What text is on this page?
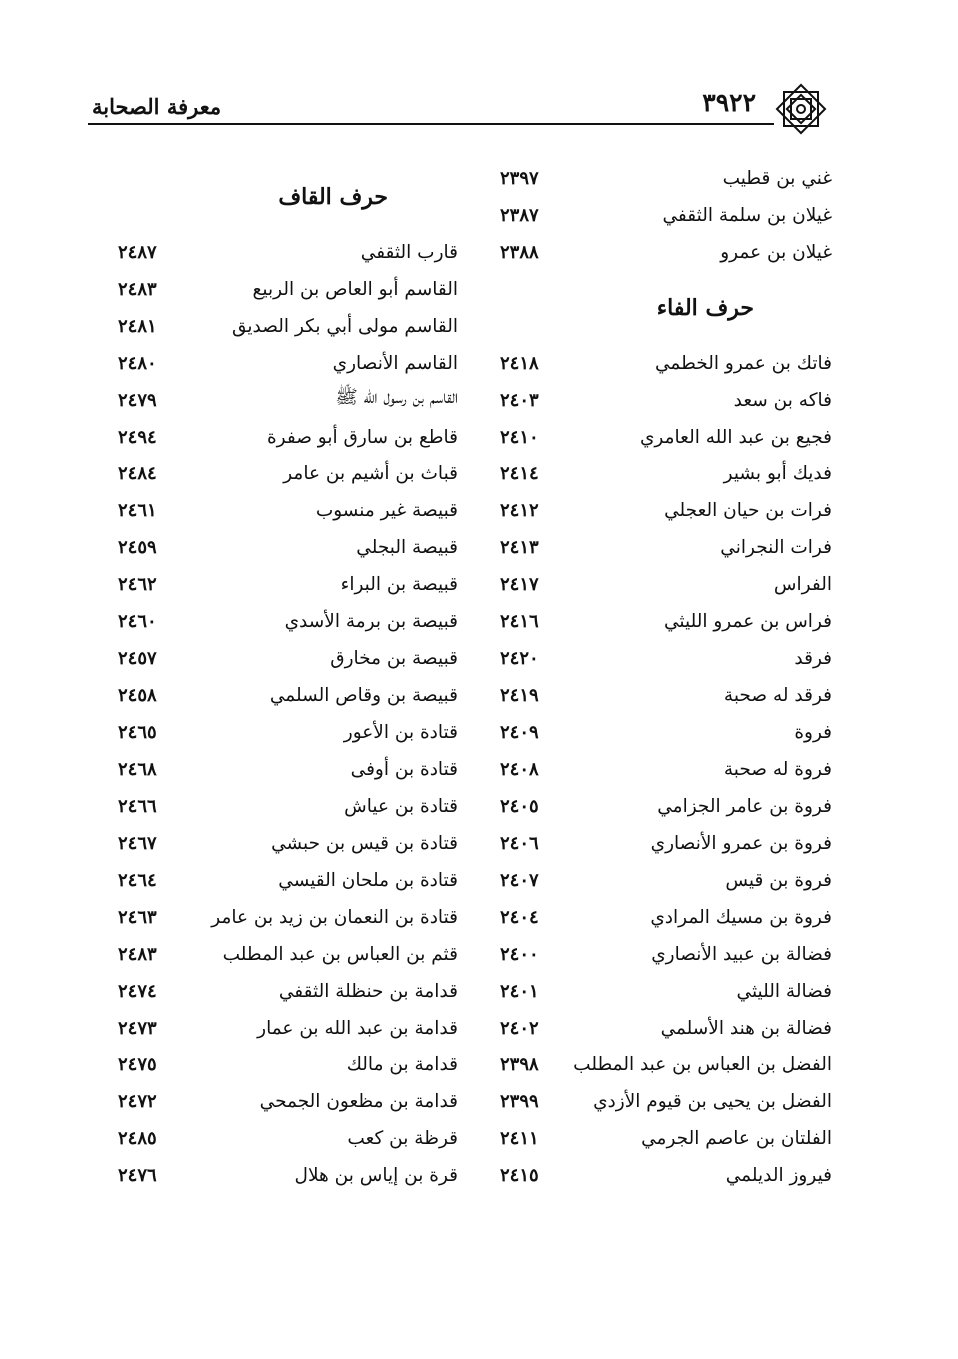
٣٩٢٢
معرفة الصحابة
غني بن قطيب
٢٣٩٧
غيلان بن سلمة الثقفي
٢٣٨٧
غيلان بن عمرو
٢٣٨٨
حرف الفاء
فاتك بن عمرو الخطمي
٢٤١٨
فاكه بن سعد
٢٤٠٣
فجيع بن عبد الله العامري
٢٤١٠
فديك أبو بشير
٢٤١٤
فرات بن حيان العجلي
٢٤١٢
فرات النجراني
٢٤١٣
الفراس
٢٤١٧
فراس بن عمرو الليثي
٢٤١٦
فرقد
٢٤٢٠
فرقد له صحبة
٢٤١٩
فروة
٢٤٠٩
فروة له صحبة
٢٤٠٨
فروة بن عامر الجزامي
٢٤٠٥
فروة بن عمرو الأنصاري
٢٤٠٦
فروة بن قيس
٢٤٠٧
فروة بن مسيك المرادي
٢٤٠٤
فضالة بن عبيد الأنصاري
٢٤٠٠
فضالة الليثي
٢٤٠١
فضالة بن هند الأسلمي
٢٤٠٢
الفضل بن العباس بن عبد المطلب
٢٣٩٨
الفضل بن يحيى بن قيوم الأزدي
٢٣٩٩
الفلتان بن عاصم الجرمي
٢٤١١
فيروز الديلمي
٢٤١٥
حرف القاف
قارب الثقفي
٢٤٨٧
القاسم أبو العاص بن الربيع
٢٤٨٣
القاسم مولى أبي بكر الصديق
٢٤٨١
القاسم الأنصاري
٢٤٨٠
القاسم بن رسول الله ﷺ
٢٤٧٩
قاطع بن سارق أبو صفرة
٢٤٩٤
قباث بن أشيم بن عامر
٢٤٨٤
قبيصة غير منسوب
٢٤٦١
قبيصة البجلي
٢٤٥٩
قبيصة بن البراء
٢٤٦٢
قبيصة بن برمة الأسدي
٢٤٦٠
قبيصة بن مخارق
٢٤٥٧
قبيصة بن وقاص السلمي
٢٤٥٨
قتادة بن الأعور
٢٤٦٥
قتادة بن أوفى
٢٤٦٨
قتادة بن عياش
٢٤٦٦
قتادة بن قيس بن حبشي
٢٤٦٧
قتادة بن ملحان القيسي
٢٤٦٤
قتادة بن النعمان بن زيد بن عامر
٢٤٦٣
قثم بن العباس بن عبد المطلب
٢٤٨٣
قدامة بن حنظلة الثقفي
٢٤٧٤
قدامة بن عبد الله بن عمار
٢٤٧٣
قدامة بن مالك
٢٤٧٥
قدامة بن مظعون الجمحي
٢٤٧٢
قرظة بن كعب
٢٤٨٥
قرة بن إياس بن هلال
٢٤٧٦
